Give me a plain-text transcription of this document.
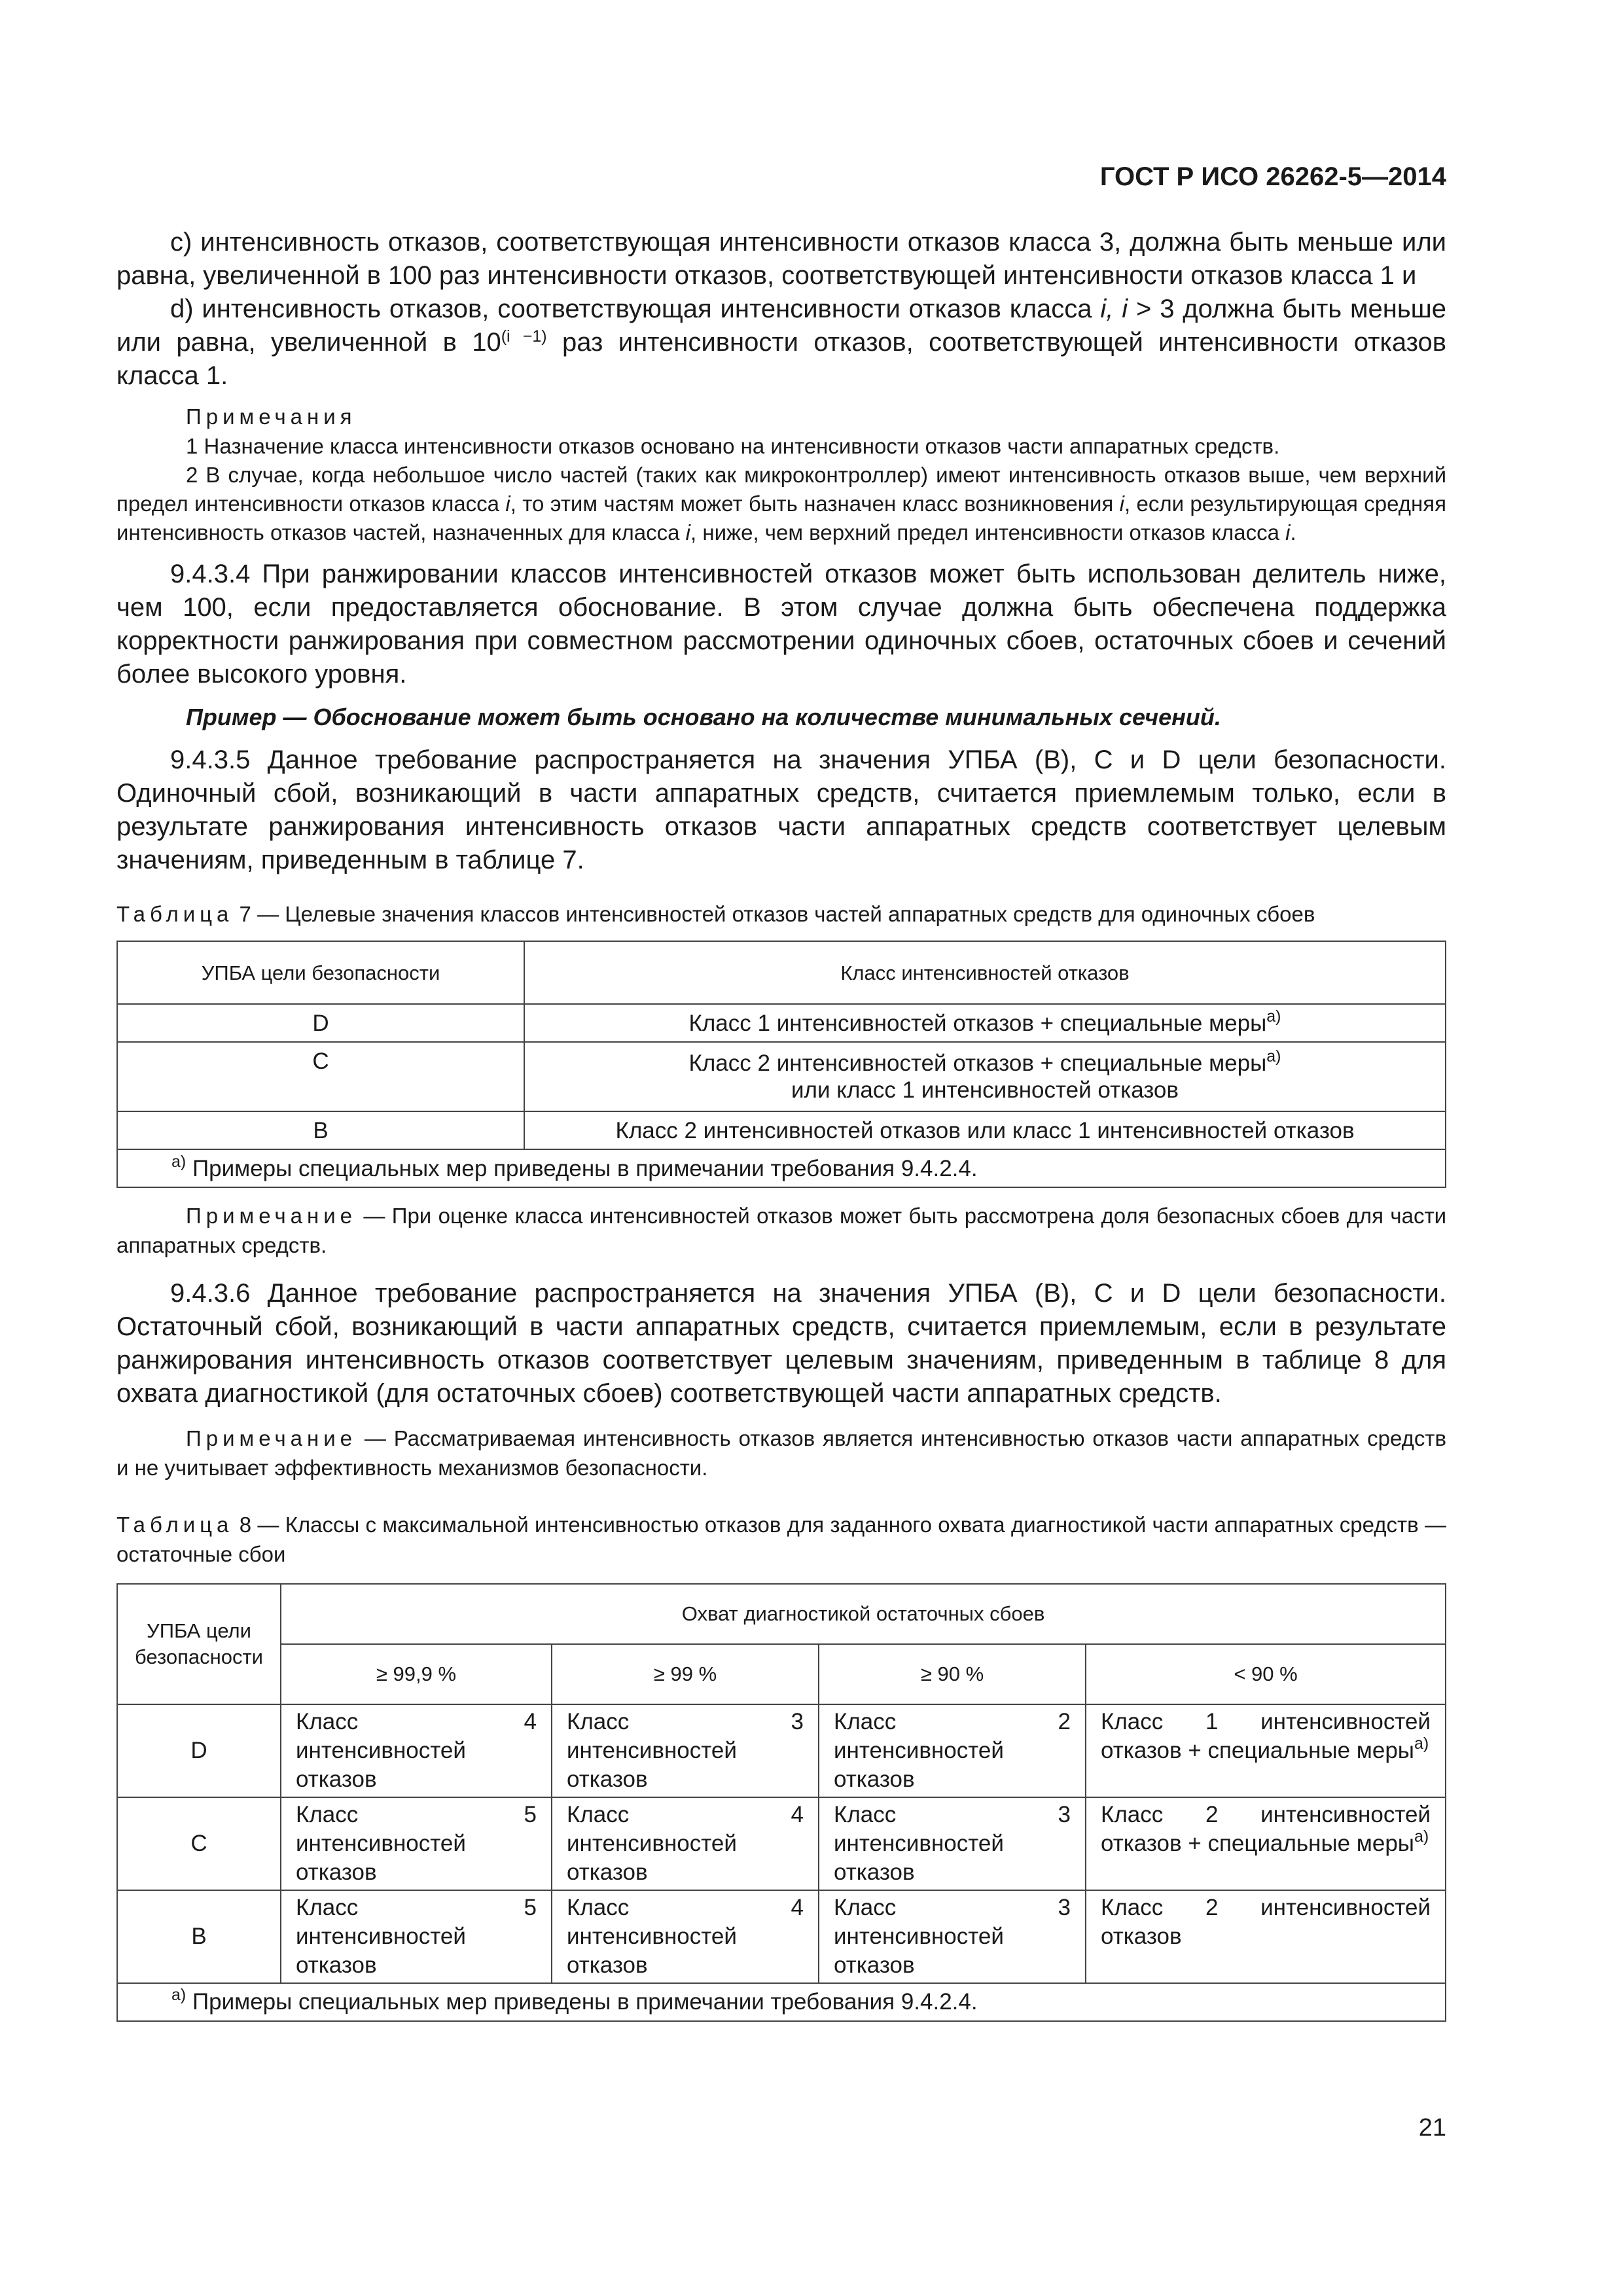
ГОСТ Р ИСО 26262-5—2014

c) интенсивность отказов, соответствующая интенсивности отказов класса 3, должна быть меньше или равна, увеличенной в 100 раз интенсивности отказов, соответствующей интенсивности отказов класса 1 и

d) интенсивность отказов, соответствующая интенсивности отказов класса i, i > 3 должна быть меньше или равна, увеличенной в $10^{(i -1)}$ раз интенсивности отказов, соответствующей интенсивности отказов класса 1.

Примечания

1 Назначение класса интенсивности отказов основано на интенсивности отказов части аппаратных средств.

2 В случае, когда небольшое число частей (таких как микроконтроллер) имеют интенсивность отказов выше, чем верхний предел интенсивности отказов класса i, то этим частям может быть назначен класс возникновения i, если результирующая средняя интенсивность отказов частей, назначенных для класса i, ниже, чем верхний предел интенсивности отказов класса i.

9.4.3.4 При ранжировании классов интенсивностей отказов может быть использован делитель ниже, чем 100, если предоставляется обоснование. В этом случае должна быть обеспечена поддержка корректности ранжирования при совместном рассмотрении одиночных сбоев, остаточных сбоев и сечений более высокого уровня.

Пример — Обоснование может быть основано на количестве минимальных сечений.

9.4.3.5 Данное требование распространяется на значения УПБА (B), C и D цели безопасности. Одиночный сбой, возникающий в части аппаратных средств, считается приемлемым только, если в результате ранжирования интенсивность отказов части аппаратных средств соответствует целевым значениям, приведенным в таблице 7.

Таблица 7 — Целевые значения классов интенсивностей отказов частей аппаратных средств для одиночных сбоев

УПБА цели безопасности	Класс интенсивностей отказов
D	Класс 1 интенсивностей отказов + специальные меры$^{a)}$
C	Класс 2 интенсивностей отказов + специальные меры$^{a)}$
или класс 1 интенсивностей отказов
B	Класс 2 интенсивностей отказов или класс 1 интенсивностей отказов
$^{a)}$ Примеры специальных мер приведены в примечании требования 9.4.2.4.	

Примечание — При оценке класса интенсивностей отказов может быть рассмотрена доля безопасных сбоев для части аппаратных средств.

9.4.3.6 Данное требование распространяется на значения УПБА (B), C и D цели безопасности. Остаточный сбой, возникающий в части аппаратных средств, считается приемлемым, если в результате ранжирования интенсивность отказов соответствует целевым значениям, приведенным в таблице 8 для охвата диагностикой (для остаточных сбоев) соответствующей части аппаратных средств.

Примечание — Рассматриваемая интенсивность отказов является интенсивностью отказов части аппаратных средств и не учитывает эффективность механизмов безопасности.

Таблица 8 — Классы с максимальной интенсивностью отказов для заданного охвата диагностикой части аппаратных средств — остаточные сбои

УПБА цели безопасности	Охват диагностикой остаточных сбоев			
	≥ 99,9 %	≥ 99 %	≥ 90 %	< 90 %
D	Класс 4 интенсивностей отказов	Класс 3 интенсивностей отказов	Класс 2 интенсивностей отказов	Класс 1 интенсивностей отказов + специальные меры$^{a)}$
C	Класс 5 интенсивностей отказов	Класс 4 интенсивностей отказов	Класс 3 интенсивностей отказов	Класс 2 интенсивностей отказов + специальные меры$^{a)}$
B	Класс 5 интенсивностей отказов	Класс 4 интенсивностей отказов	Класс 3 интенсивностей отказов	Класс 2 интенсивностей отказов
$^{a)}$ Примеры специальных мер приведены в примечании требования 9.4.2.4.				
21
